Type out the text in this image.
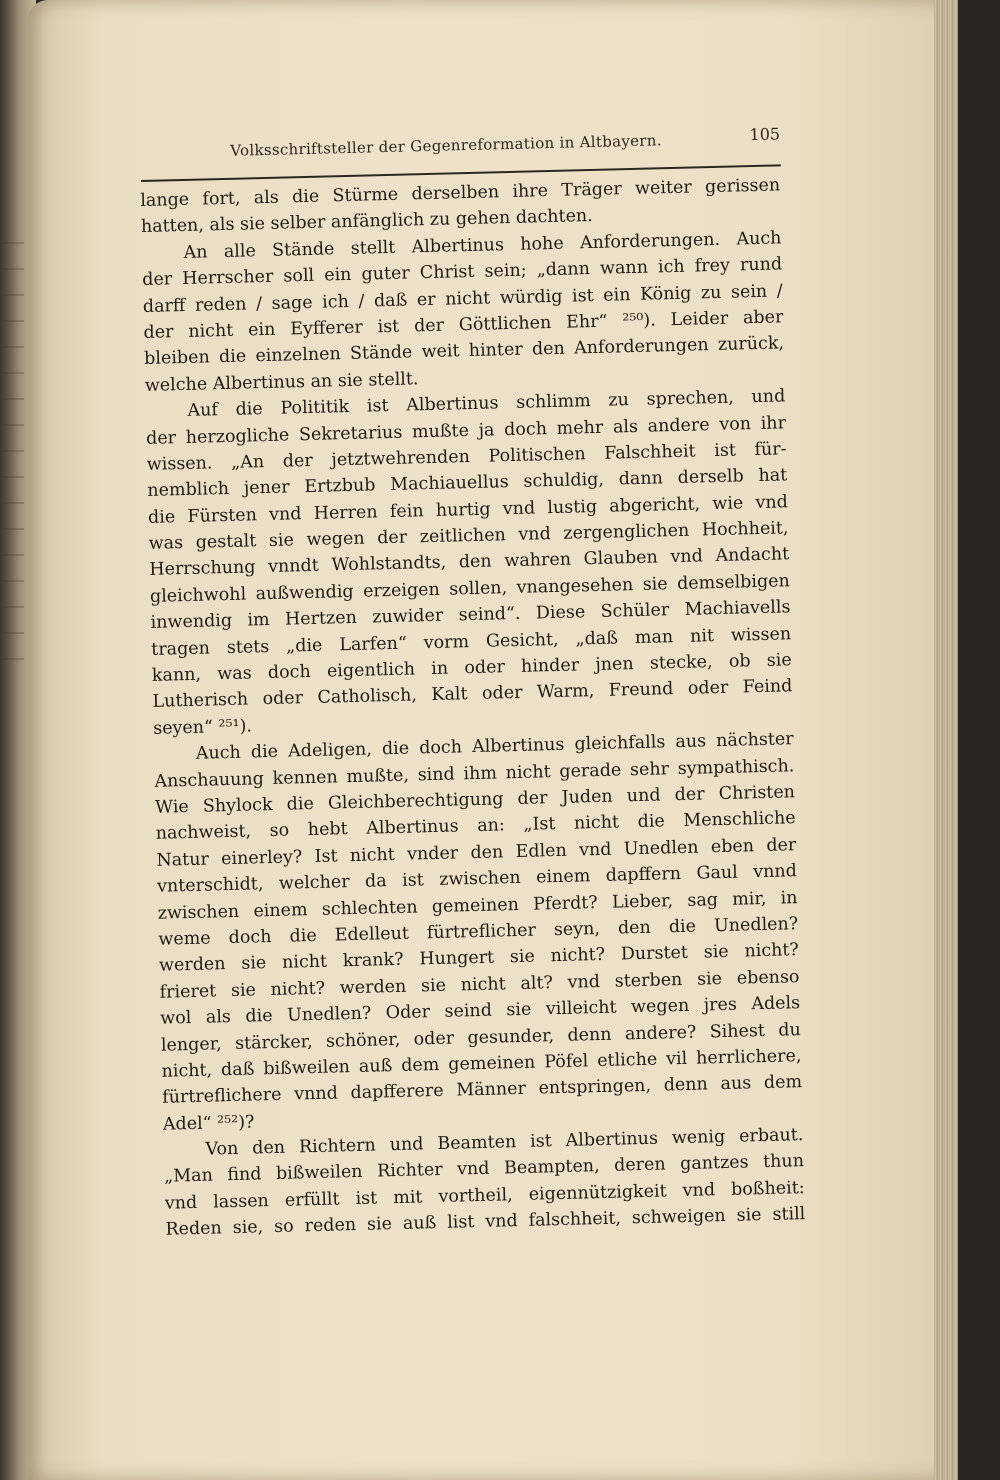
Volksschriftsteller der Gegenreformation in Altbayern.	105
lange fort, als die Stürme derselben ihre Träger weiter gerissen
hatten, als sie selber anfänglich zu gehen dachten.
An alle Stände stellt Albertinus hohe Anforderungen. Auch
der Herrscher soll ein guter Christ sein; „dann wann ich frey rund
darff reden / sage ich / daß er nicht würdig ist ein König zu sein /
der nicht ein Eyfferer ist der Göttlichen Ehr“ ²⁵⁰). Leider aber
bleiben die einzelnen Stände weit hinter den Anforderungen zurück,
welche Albertinus an sie stellt.
Auf die Polititik ist Albertinus schlimm zu sprechen, und
der herzogliche Sekretarius mußte ja doch mehr als andere von ihr
wissen. „An der jetztwehrenden Politischen Falschheit ist für-
nemblich jener Ertzbub Machiauellus schuldig, dann derselb hat
die Fürsten vnd Herren fein hurtig vnd lustig abgericht, wie vnd
was gestalt sie wegen der zeitlichen vnd zergenglichen Hochheit,
Herrschung vnndt Wohlstandts, den wahren Glauben vnd Andacht
gleichwohl außwendig erzeigen sollen, vnangesehen sie demselbigen
inwendig im Hertzen zuwider seind“. Diese Schüler Machiavells
tragen stets „die Larfen“ vorm Gesicht, „daß man nit wissen
kann, was doch eigentlich in oder hinder jnen stecke, ob sie
Lutherisch oder Catholisch, Kalt oder Warm, Freund oder Feind
seyen“ ²⁵¹).
Auch die Adeligen, die doch Albertinus gleichfalls aus nächster
Anschauung kennen mußte, sind ihm nicht gerade sehr sympathisch.
Wie Shylock die Gleichberechtigung der Juden und der Christen
nachweist, so hebt Albertinus an: „Ist nicht die Menschliche
Natur einerley? Ist nicht vnder den Edlen vnd Unedlen eben der
vnterschidt, welcher da ist zwischen einem dapffern Gaul vnnd
zwischen einem schlechten gemeinen Pferdt? Lieber, sag mir, in
weme doch die Edelleut fürtreflicher seyn, den die Unedlen?
werden sie nicht krank? Hungert sie nicht? Durstet sie nicht?
frieret sie nicht? werden sie nicht alt? vnd sterben sie ebenso
wol als die Unedlen? Oder seind sie villeicht wegen jres Adels
lenger, stärcker, schöner, oder gesunder, denn andere? Sihest du
nicht, daß bißweilen auß dem gemeinen Pöfel etliche vil herrlichere,
fürtreflichere vnnd dapfferere Männer entspringen, denn aus dem
Adel“ ²⁵²)?
Von den Richtern und Beamten ist Albertinus wenig erbaut.
„Man find bißweilen Richter vnd Beampten, deren gantzes thun
vnd lassen erfüllt ist mit vortheil, eigennützigkeit vnd boßheit:
Reden sie, so reden sie auß list vnd falschheit, schweigen sie still
